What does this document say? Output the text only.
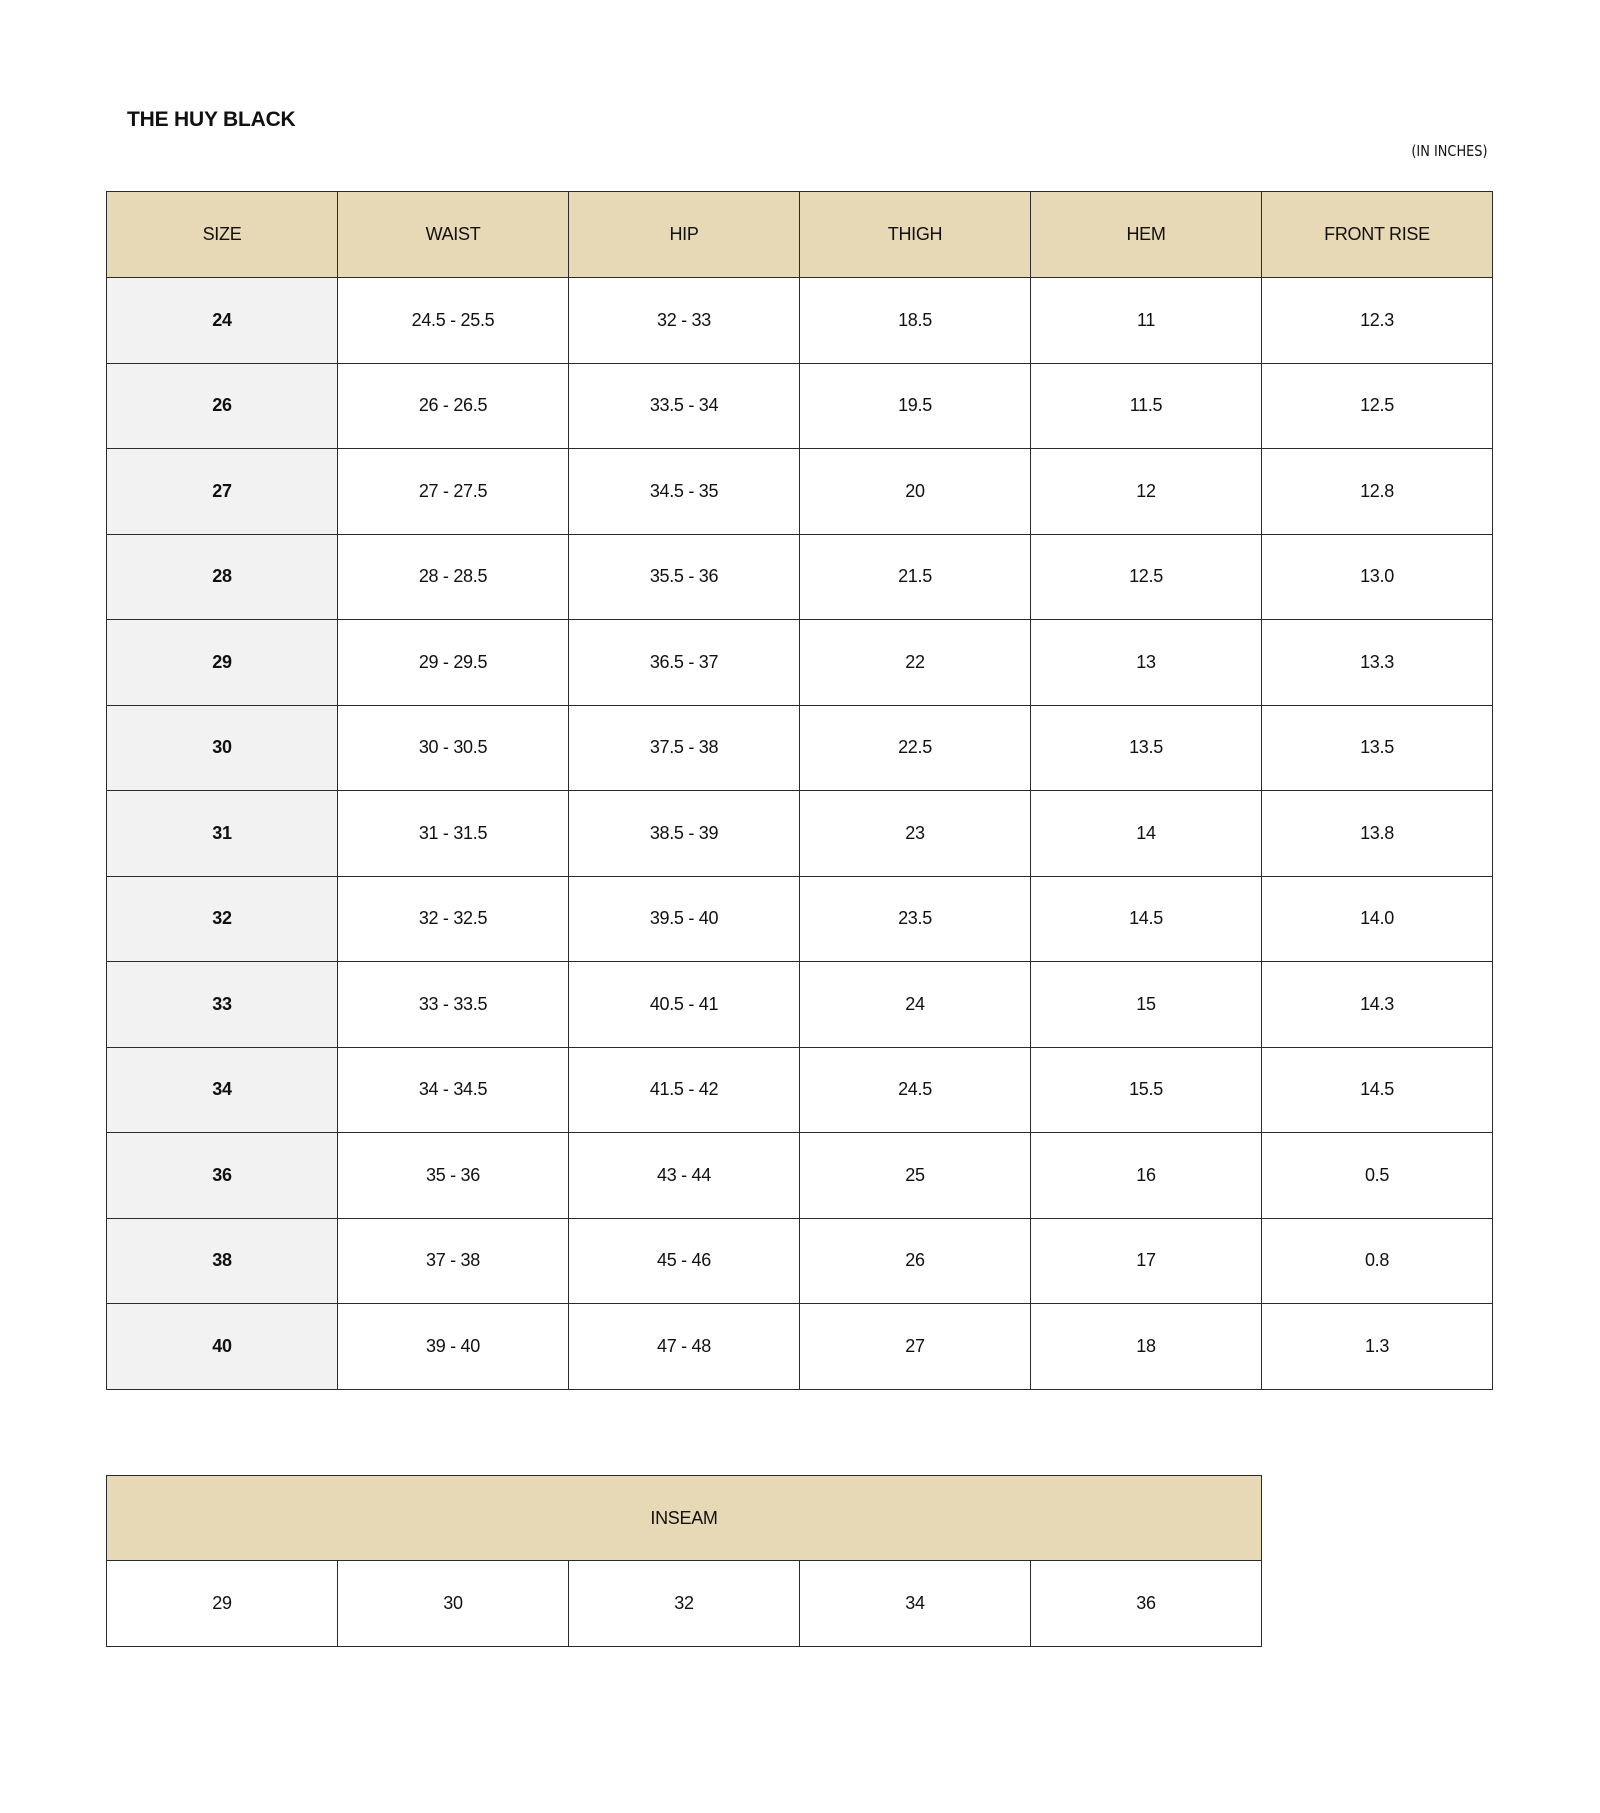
THE HUY BLACK
(IN INCHES)
SIZE	WAIST	HIP	THIGH	HEM	FRONT RISE
24	24.5 - 25.5	32 - 33	18.5	11	12.3
26	26 - 26.5	33.5 - 34	19.5	11.5	12.5
27	27 - 27.5	34.5 - 35	20	12	12.8
28	28 - 28.5	35.5 - 36	21.5	12.5	13.0
29	29 - 29.5	36.5 - 37	22	13	13.3
30	30 - 30.5	37.5 - 38	22.5	13.5	13.5
31	31 - 31.5	38.5 - 39	23	14	13.8
32	32 - 32.5	39.5 - 40	23.5	14.5	14.0
33	33 - 33.5	40.5 - 41	24	15	14.3
34	34 - 34.5	41.5 - 42	24.5	15.5	14.5
36	35 - 36	43 - 44	25	16	0.5
38	37 - 38	45 - 46	26	17	0.8
40	39 - 40	47 - 48	27	18	1.3
INSEAM
29	30	32	34	36
